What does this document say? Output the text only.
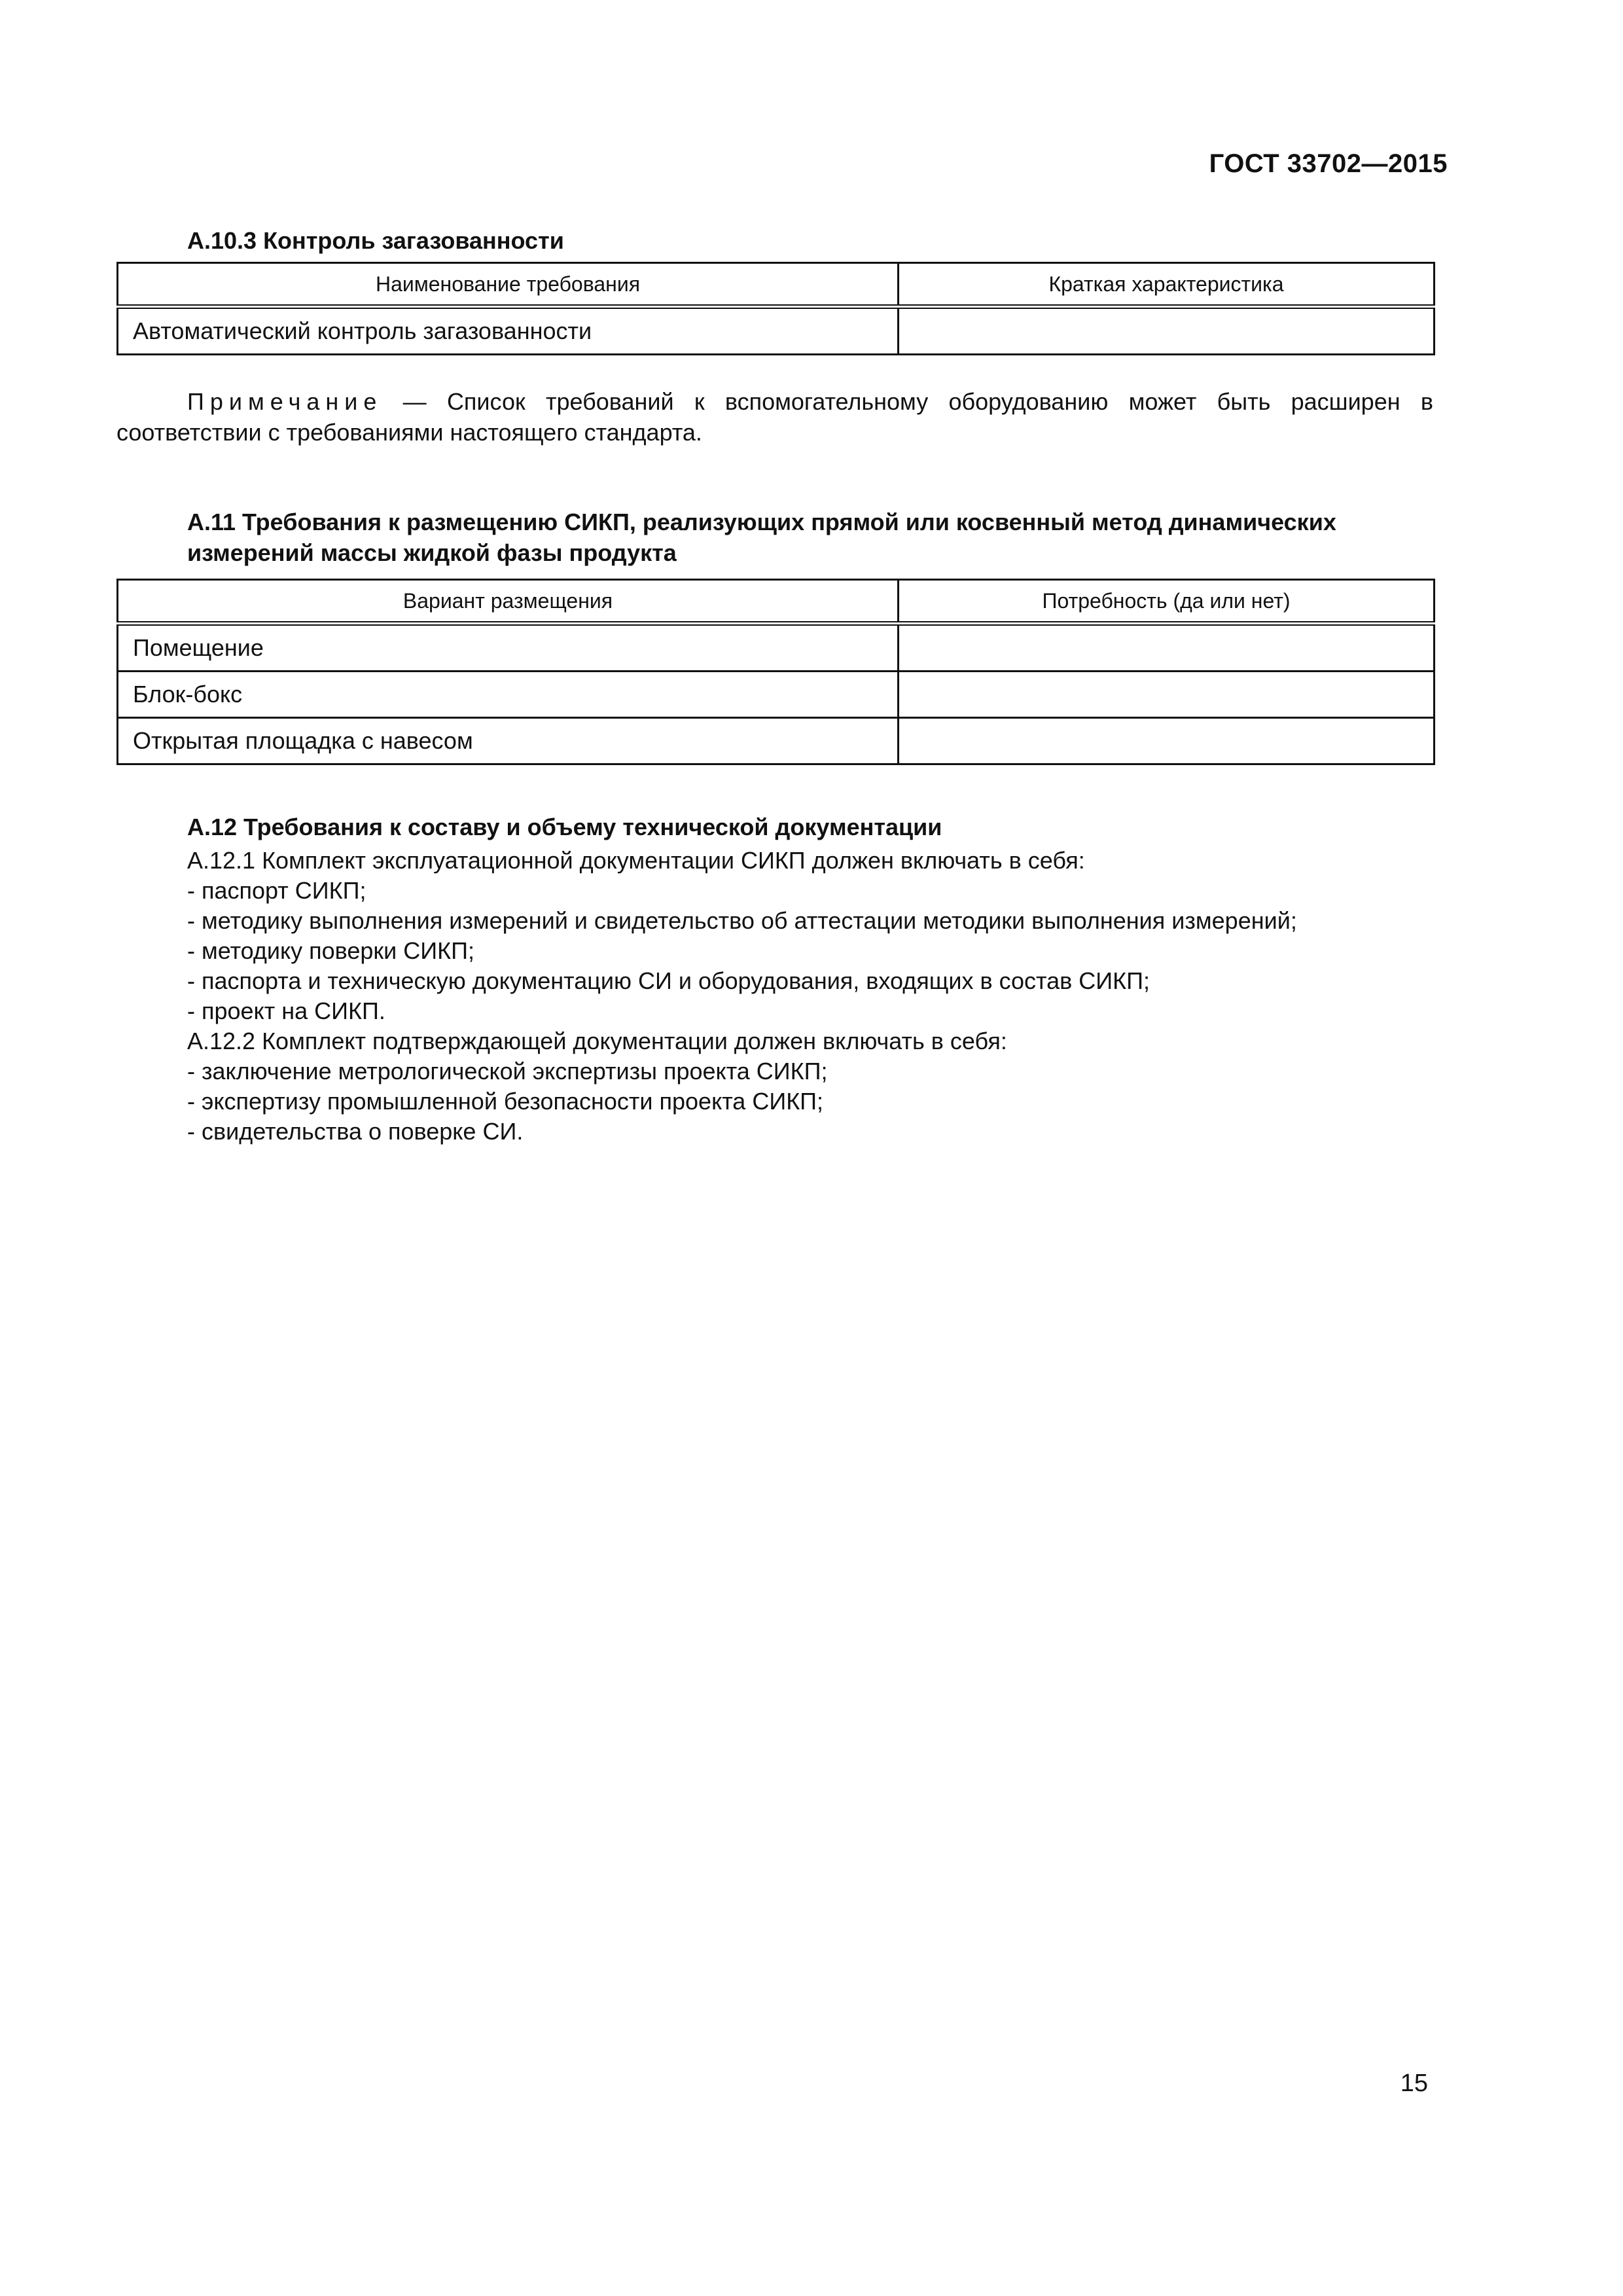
ГОСТ 33702—2015
А.10.3 Контроль загазованности
Наименование требования	Краткая характеристика
Автоматический контроль загазованности	
Примечание — Список требований к вспомогательному оборудованию может быть расширен в соответствии с требованиями настоящего стандарта.
А.11 Требования к размещению СИКП, реализующих прямой или косвенный метод динамических
измерений массы жидкой фазы продукта
Вариант размещения	Потребность (да или нет)
Помещение	
Блок-бокс	
Открытая площадка с навесом	
А.12 Требования к составу и объему технической документации
А.12.1 Комплект эксплуатационной документации СИКП должен включать в себя:
- паспорт СИКП;
- методику выполнения измерений и свидетельство об аттестации методики выполнения измерений;
- методику поверки СИКП;
- паспорта и техническую документацию СИ и оборудования, входящих в состав СИКП;
- проект на СИКП.
А.12.2 Комплект подтверждающей документации должен включать в себя:
- заключение метрологической экспертизы проекта СИКП;
- экспертизу промышленной безопасности проекта СИКП;
- свидетельства о поверке СИ.
15
